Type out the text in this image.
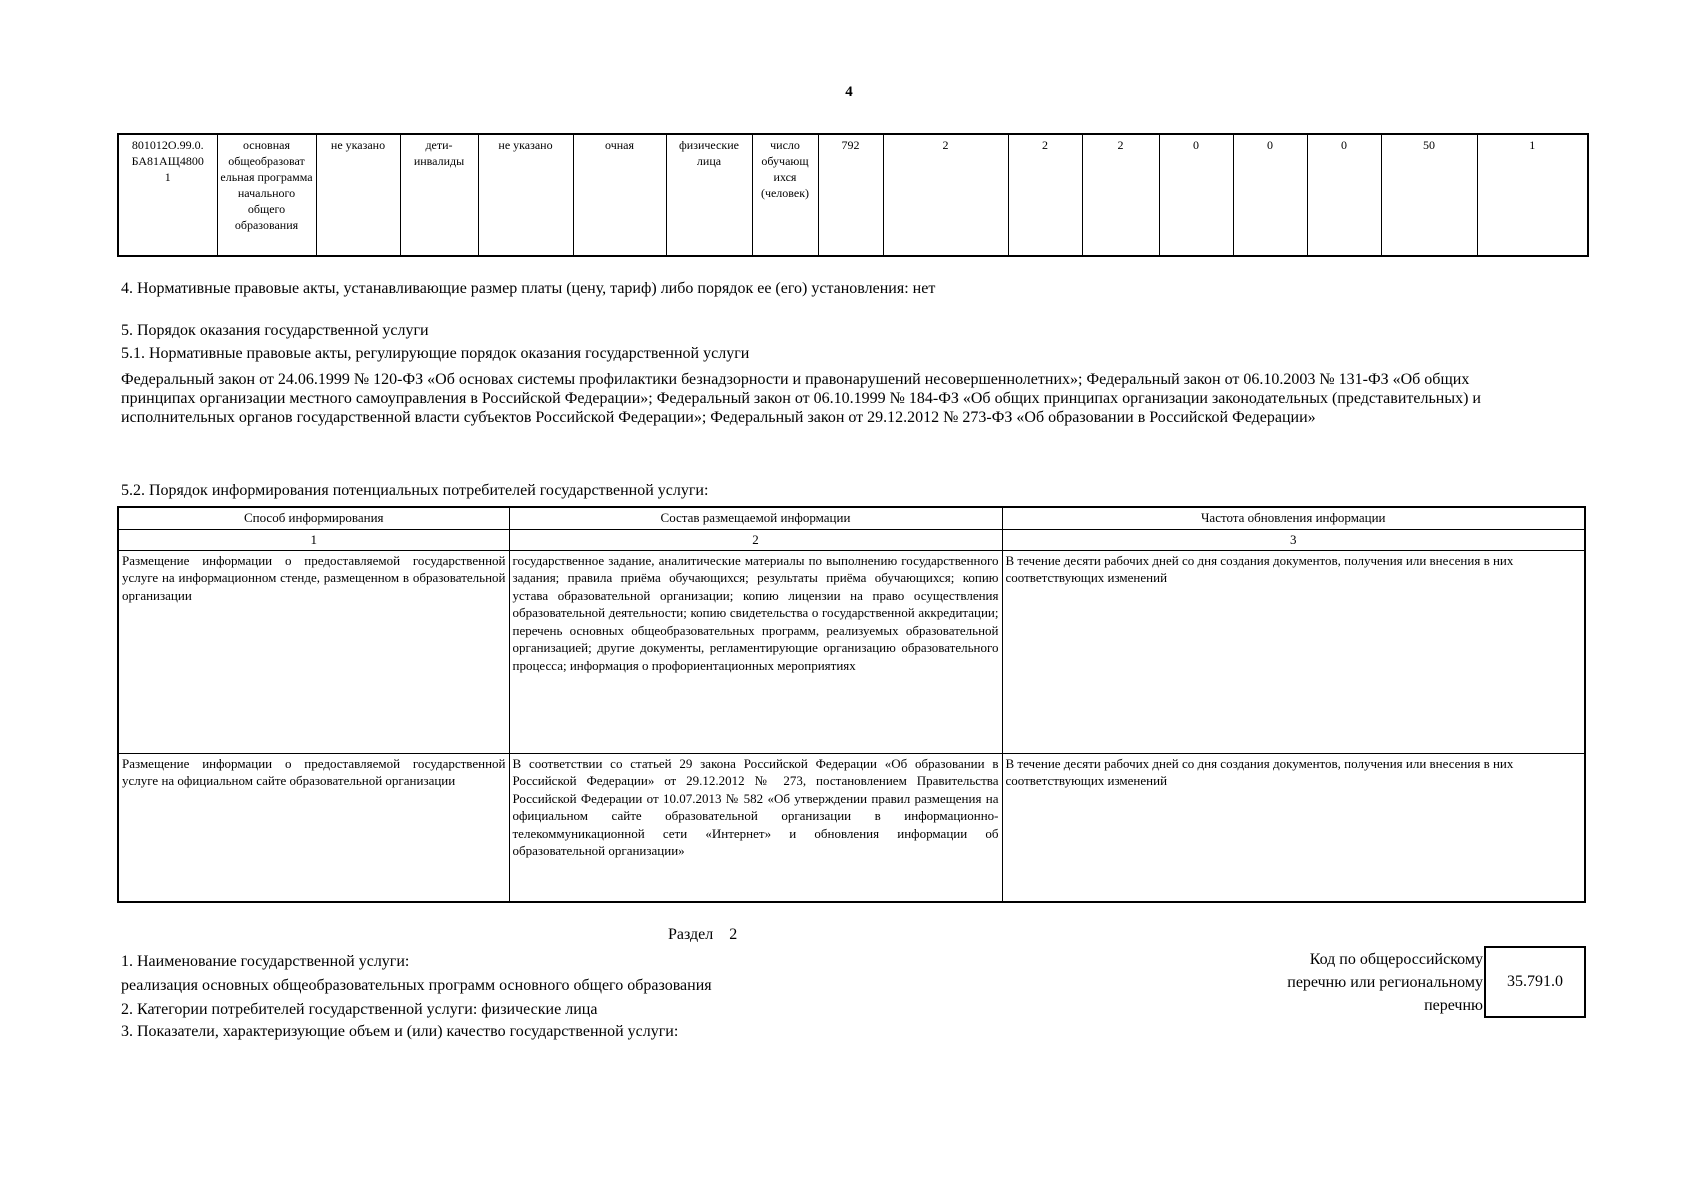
4
801012О.99.0.
БА81АЩ4800
1	основная общеобразоват ельная программа начального общего образования	не указано	дети-инвалиды	не указано	очная	физические лица	число обучающ ихся (человек)	792	2	2	2	0	0	0	50	1
4. Нормативные правовые акты, устанавливающие размер платы (цену, тариф) либо порядок ее (его) установления: нет
5. Порядок оказания государственной услуги
5.1. Нормативные правовые акты, регулирующие порядок оказания государственной услуги
Федеральный закон от 24.06.1999 № 120-ФЗ «Об основах системы профилактики безнадзорности и правонарушений несовершеннолетних»; Федеральный закон от 06.10.2003 № 131-ФЗ «Об общих принципах организации местного самоуправления в Российской Федерации»; Федеральный закон от 06.10.1999 № 184-ФЗ «Об общих принципах организации законодательных (представительных) и исполнительных органов государственной власти субъектов Российской Федерации»; Федеральный закон от 29.12.2012 № 273-ФЗ «Об образовании в Российской Федерации»
5.2. Порядок информирования потенциальных потребителей государственной услуги:
Способ информирования	Состав размещаемой информации	Частота обновления информации
1	2	3
Размещение информации о предоставляемой государственной услуге на информационном стенде, размещенном в образовательной организации	государственное задание, аналитические материалы по выполнению государственного задания; правила приёма обучающихся; результаты приёма обучающихся; копию устава образовательной организации; копию лицензии на право осуществления образовательной деятельности; копию свидетельства о государственной аккредитации; перечень основных общеобразовательных программ, реализуемых образовательной организацией; другие документы, регламентирующие организацию образовательного процесса; информация о профориентационных мероприятиях	В течение десяти рабочих дней со дня создания документов, получения или внесения в них соответствующих изменений
Размещение информации о предоставляемой государственной услуге на официальном сайте образовательной организации	В соответствии со статьей 29 закона Российской Федерации «Об образовании в Российской Федерации» от 29.12.2012 № 273, постановлением Правительства Российской Федерации от 10.07.2013 № 582 «Об утверждении правил размещения на официальном сайте образовательной организации в информационно-телекоммуникационной сети «Интернет» и обновления информации об образовательной организации»	В течение десяти рабочих дней со дня создания документов, получения или внесения в них соответствующих изменений
Раздел 2
1. Наименование государственной услуги:
реализация основных общеобразовательных программ основного общего образования
2. Категории потребителей государственной услуги: физические лица
3. Показатели, характеризующие объем и (или) качество государственной услуги:
Код по общероссийскому перечню или региональному перечню
35.791.0
